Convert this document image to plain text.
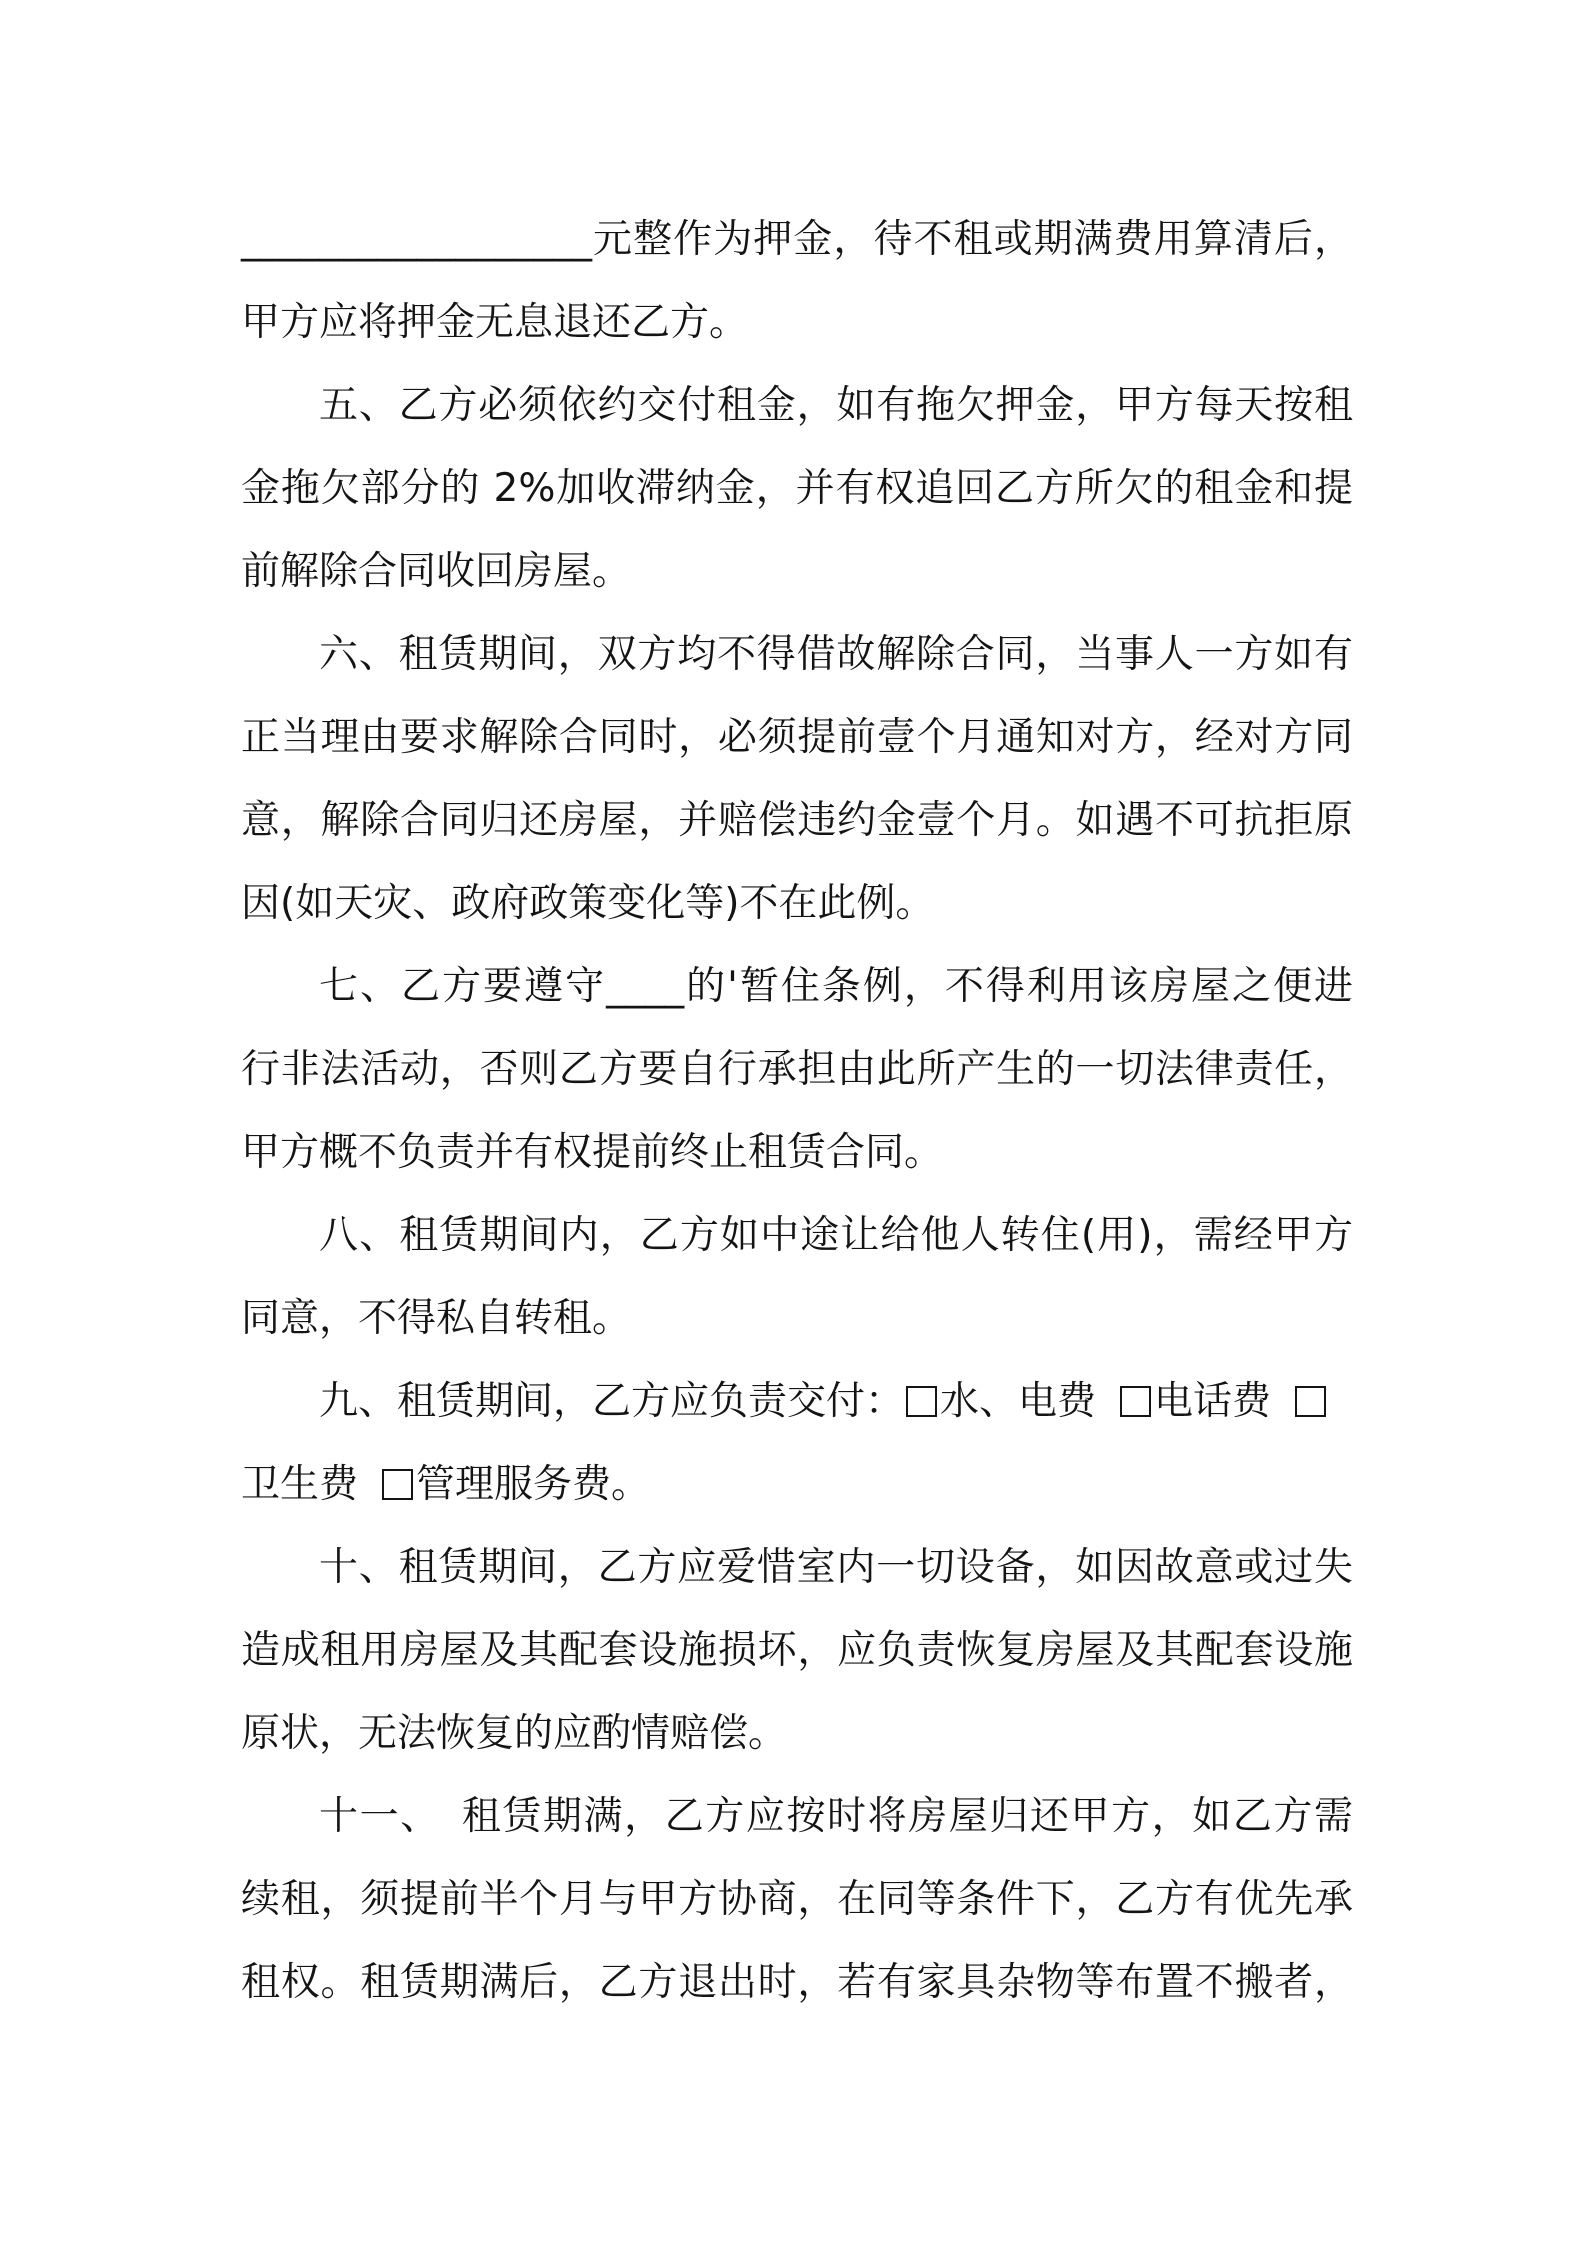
__________________元整作为押金，待不租或期满费用算清后，
甲方应将押金无息退还乙方。
五、乙方必须依约交付租金，如有拖欠押金，甲方每天按租
金拖欠部分的 2%加收滞纳金，并有权追回乙方所欠的租金和提
前解除合同收回房屋。
六、租赁期间，双方均不得借故解除合同，当事人一方如有
正当理由要求解除合同时，必须提前壹个月通知对方，经对方同
意，解除合同归还房屋，并赔偿违约金壹个月。如遇不可抗拒原
因(如天灾、政府政策变化等)不在此例。
七、乙方要遵守____的'暂住条例，不得利用该房屋之便进
行非法活动，否则乙方要自行承担由此所产生的一切法律责任，
甲方概不负责并有权提前终止租赁合同。
八、租赁期间内，乙方如中途让给他人转住(用)，需经甲方
同意，不得私自转租。
九、租赁期间，乙方应负责交付： 水、电费 电话费
卫生费 管理服务费。
十、租赁期间，乙方应爱惜室内一切设备，如因故意或过失
造成租用房屋及其配套设施损坏，应负责恢复房屋及其配套设施
原状，无法恢复的应酌情赔偿。
十一、　租赁期满，乙方应按时将房屋归还甲方，如乙方需
续租，须提前半个月与甲方协商，在同等条件下，乙方有优先承
租权。租赁期满后，乙方退出时，若有家具杂物等布置不搬者，
